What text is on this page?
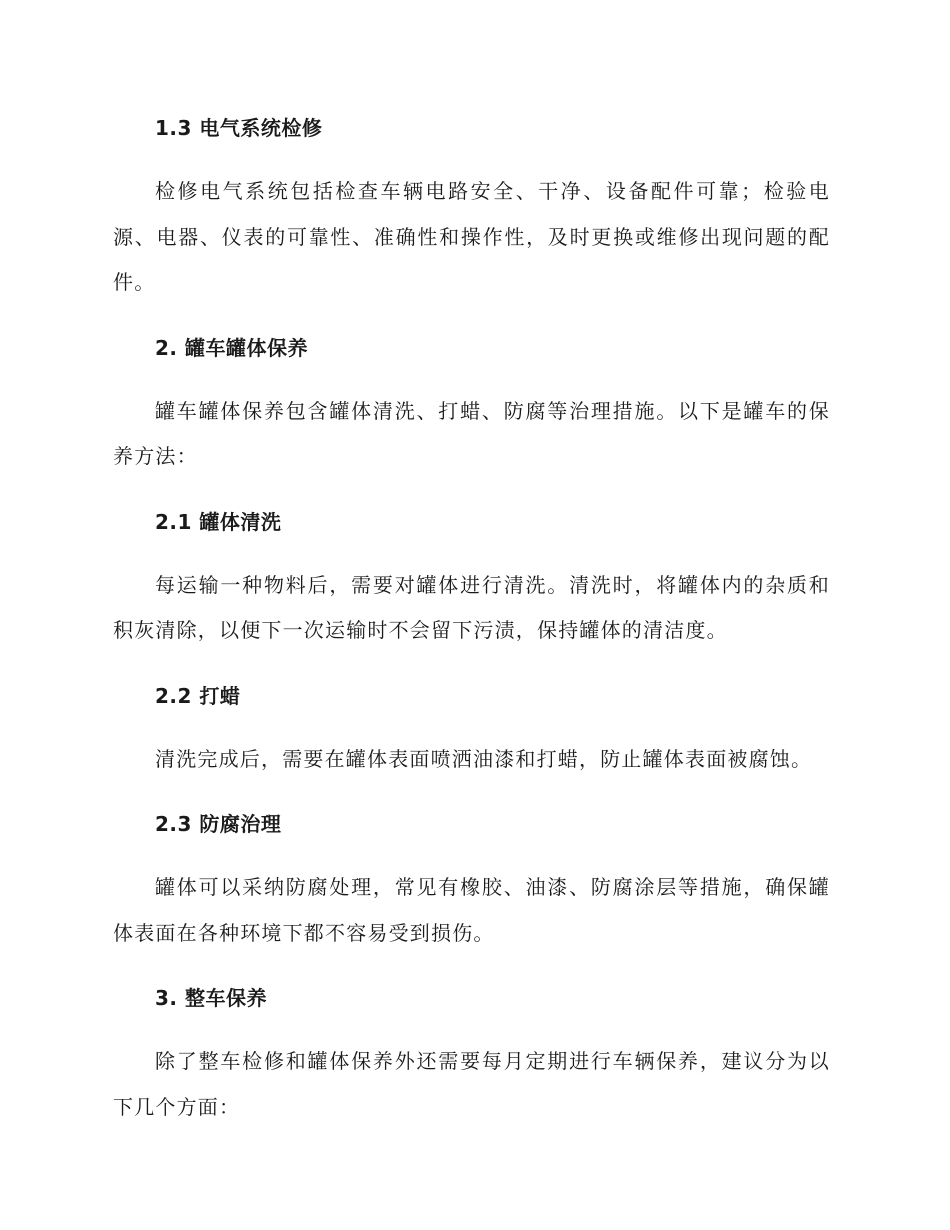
1.3 电气系统检修

检修电气系统包括检查车辆电路安全、干净、设备配件可靠；检验电源、电器、仪表的可靠性、准确性和操作性，及时更换或维修出现问题的配件。

2. 罐车罐体保养

罐车罐体保养包含罐体清洗、打蜡、防腐等治理措施。以下是罐车的保养方法：

2.1 罐体清洗

每运输一种物料后，需要对罐体进行清洗。清洗时，将罐体内的杂质和积灰清除，以便下一次运输时不会留下污渍，保持罐体的清洁度。

2.2 打蜡

清洗完成后，需要在罐体表面喷洒油漆和打蜡，防止罐体表面被腐蚀。

2.3 防腐治理

罐体可以采纳防腐处理，常见有橡胶、油漆、防腐涂层等措施，确保罐体表面在各种环境下都不容易受到损伤。

3. 整车保养

除了整车检修和罐体保养外还需要每月定期进行车辆保养，建议分为以下几个方面：
